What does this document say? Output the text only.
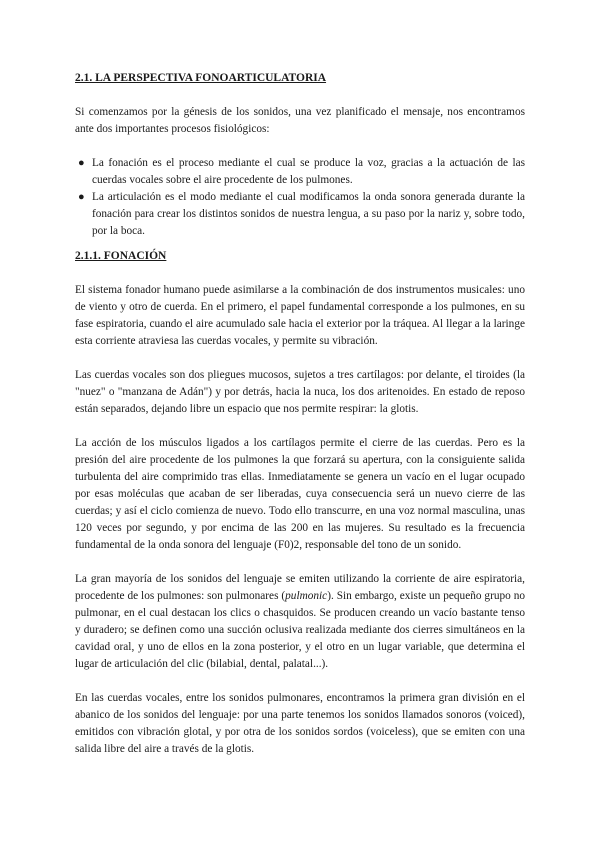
2.1. LA PERSPECTIVA FONOARTICULATORIA

Si comenzamos por la génesis de los sonidos, una vez planificado el mensaje, nos encontramos ante dos importantes procesos fisiológicos:

● La fonación es el proceso mediante el cual se produce la voz, gracias a la actuación de las cuerdas vocales sobre el aire procedente de los pulmones.
● La articulación es el modo mediante el cual modificamos la onda sonora generada durante la fonación para crear los distintos sonidos de nuestra lengua, a su paso por la nariz y, sobre todo, por la boca.
2.1.1. FONACIÓN

El sistema fonador humano puede asimilarse a la combinación de dos instrumentos musicales: uno de viento y otro de cuerda. En el primero, el papel fundamental corresponde a los pulmones, en su fase espiratoria, cuando el aire acumulado sale hacia el exterior por la tráquea. Al llegar a la laringe esta corriente atraviesa las cuerdas vocales, y permite su vibración.

Las cuerdas vocales son dos pliegues mucosos, sujetos a tres cartílagos: por delante, el tiroides (la "nuez" o "manzana de Adán") y por detrás, hacia la nuca, los dos aritenoides. En estado de reposo están separados, dejando libre un espacio que nos permite respirar: la glotis.

La acción de los músculos ligados a los cartílagos permite el cierre de las cuerdas. Pero es la presión del aire procedente de los pulmones la que forzará su apertura, con la consiguiente salida turbulenta del aire comprimido tras ellas. Inmediatamente se genera un vacío en el lugar ocupado por esas moléculas que acaban de ser liberadas, cuya consecuencia será un nuevo cierre de las cuerdas; y así el ciclo comienza de nuevo. Todo ello transcurre, en una voz normal masculina, unas 120 veces por segundo, y por encima de las 200 en las mujeres. Su resultado es la frecuencia fundamental de la onda sonora del lenguaje (F0)2, responsable del tono de un sonido.

La gran mayoría de los sonidos del lenguaje se emiten utilizando la corriente de aire espiratoria, procedente de los pulmones: son pulmonares (pulmonic). Sin embargo, existe un pequeño grupo no pulmonar, en el cual destacan los clics o chasquidos. Se producen creando un vacío bastante tenso y duradero; se definen como una succión oclusiva realizada mediante dos cierres simultáneos en la cavidad oral, y uno de ellos en la zona posterior, y el otro en un lugar variable, que determina el lugar de articulación del clic (bilabial, dental, palatal...).

En las cuerdas vocales, entre los sonidos pulmonares, encontramos la primera gran división en el abanico de los sonidos del lenguaje: por una parte tenemos los sonidos llamados sonoros (voiced), emitidos con vibración glotal, y por otra de los sonidos sordos (voiceless), que se emiten con una salida libre del aire a través de la glotis.
